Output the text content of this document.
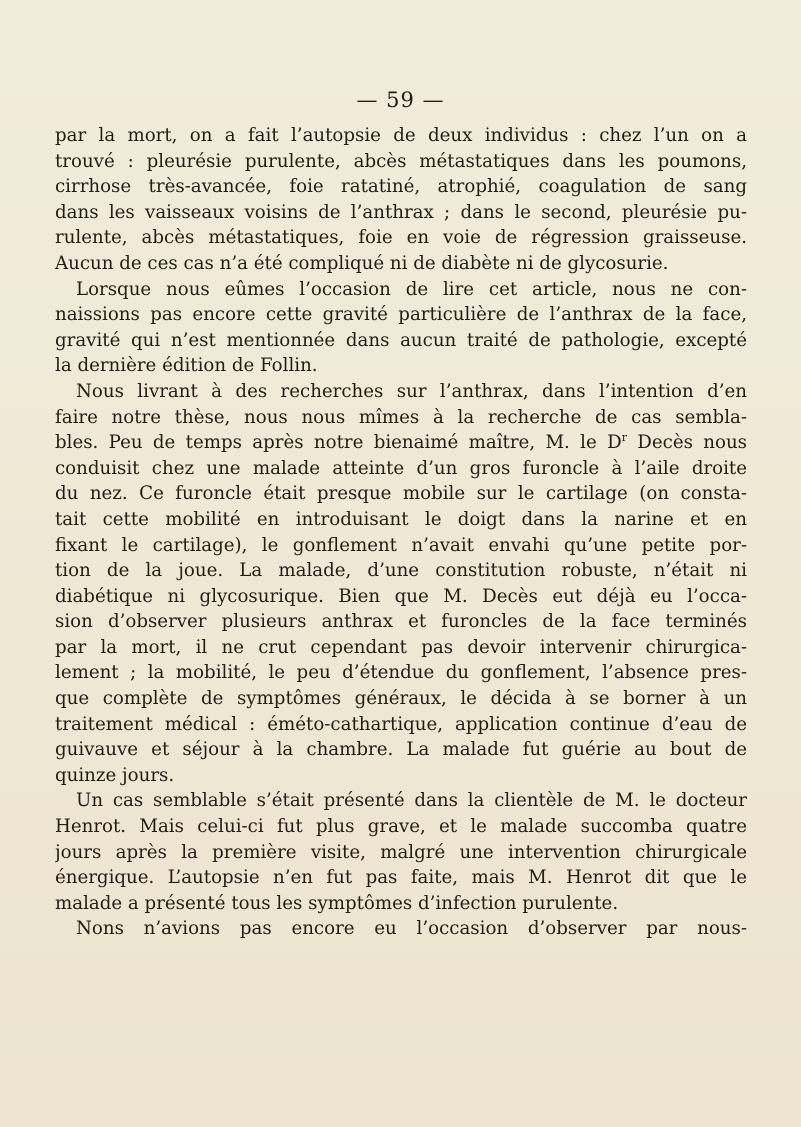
— 59 —
par la mort, on a fait l’autopsie de deux individus : chez l’un on a
trouvé : pleurésie purulente, abcès métastatiques dans les poumons,
cirrhose très-avancée, foie ratatiné, atrophié, coagulation de sang
dans les vaisseaux voisins de l’anthrax ; dans le second, pleurésie pu-
rulente, abcès métastatiques, foie en voie de régression graisseuse.
Aucun de ces cas n’a été compliqué ni de diabète ni de glycosurie.
Lorsque nous eûmes l’occasion de lire cet article, nous ne con-
naissions pas encore cette gravité particulière de l’anthrax de la face,
gravité qui n’est mentionnée dans aucun traité de pathologie, excepté
la dernière édition de Follin.
Nous livrant à des recherches sur l’anthrax, dans l’intention d’en
faire notre thèse, nous nous mîmes à la recherche de cas sembla-
bles. Peu de temps après notre bienaimé maître, M. le $D^r$ Decès nous
conduisit chez une malade atteinte d’un gros furoncle à l’aile droite
du nez. Ce furoncle était presque mobile sur le cartilage (on consta-
tait cette mobilité en introduisant le doigt dans la narine et en
fixant le cartilage), le gonflement n’avait envahi qu’une petite por-
tion de la joue. La malade, d’une constitution robuste, n’était ni
diabétique ni glycosurique. Bien que M. Decès eut déjà eu l’occa-
sion d’observer plusieurs anthrax et furoncles de la face terminés
par la mort, il ne crut cependant pas devoir intervenir chirurgica-
lement ; la mobilité, le peu d’étendue du gonflement, l’absence pres-
que complète de symptômes généraux, le décida à se borner à un
traitement médical : éméto-cathartique, application continue d’eau de
guivauve et séjour à la chambre. La malade fut guérie au bout de
quinze jours.
Un cas semblable s’était présenté dans la clientèle de M. le docteur
Henrot. Mais celui-ci fut plus grave, et le malade succomba quatre
jours après la première visite, malgré une intervention chirurgicale
énergique. L’autopsie n’en fut pas faite, mais M. Henrot dit que le
malade a présenté tous les symptômes d’infection purulente.
Nons n’avions pas encore eu l’occasion d’observer par nous-
